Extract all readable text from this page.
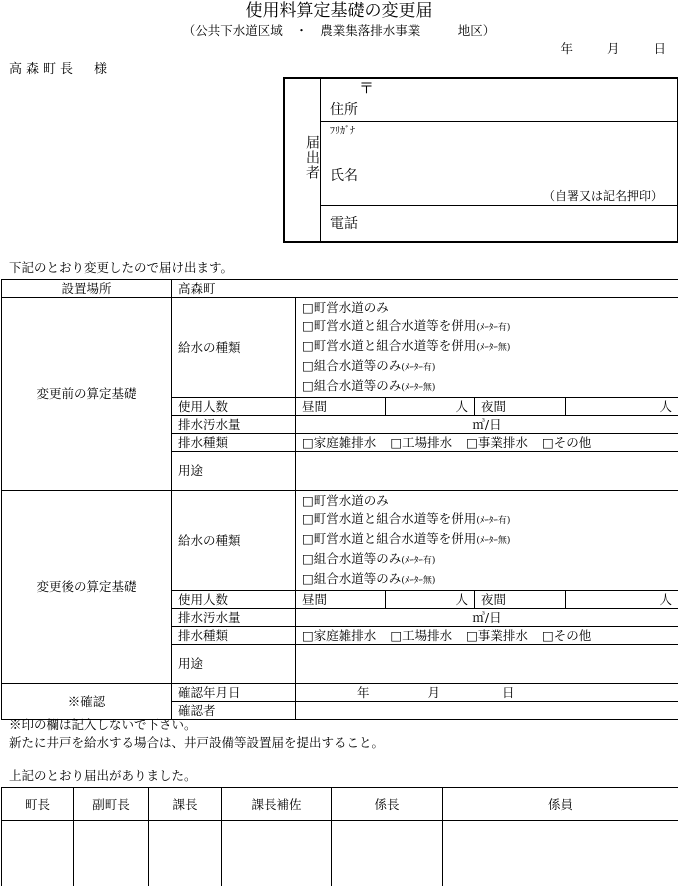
使用料算定基礎の変更届
（公共下水道区域　・　農業集落排水事業　　　地区）
年	月	日
高森町長　様
届出者
〒
住所
ﾌﾘｶﾞﾅ
氏名
（自署又は記名押印）
電話
下記のとおり変更したので届け出ます。
設置場所	高森町				
変更前の算定基礎	給水の種類	□町営水道のみ
□町営水道と組合水道等を併用(ﾒｰﾀｰ有)
□町営水道と組合水道等を併用(ﾒｰﾀｰ無)
□組合水道等のみ(ﾒｰﾀｰ有)
□組合水道等のみ(ﾒｰﾀｰ無)			

	使用人数	昼間	人	夜間	人
	排水汚水量	㎥/日			
	排水種類	□家庭雑排水 □工場排水 □事業排水 □その他			
	用途				
変更後の算定基礎	給水の種類	□町営水道のみ
□町営水道と組合水道等を併用(ﾒｰﾀｰ有)
□町営水道と組合水道等を併用(ﾒｰﾀｰ無)
□組合水道等のみ(ﾒｰﾀｰ有)
□組合水道等のみ(ﾒｰﾀｰ無)			

	使用人数	昼間	人	夜間	人
	排水汚水量	㎥/日			
	排水種類	□家庭雑排水 □工場排水 □事業排水 □その他			
	用途				
※確認	確認年月日	年 月 日			
	確認者				
※印の欄は記入しないで下さい。
新たに井戸を給水する場合は、井戸設備等設置届を提出すること。
上記のとおり届出がありました。
町長	副町長	課長	課長補佐	係長	係員
